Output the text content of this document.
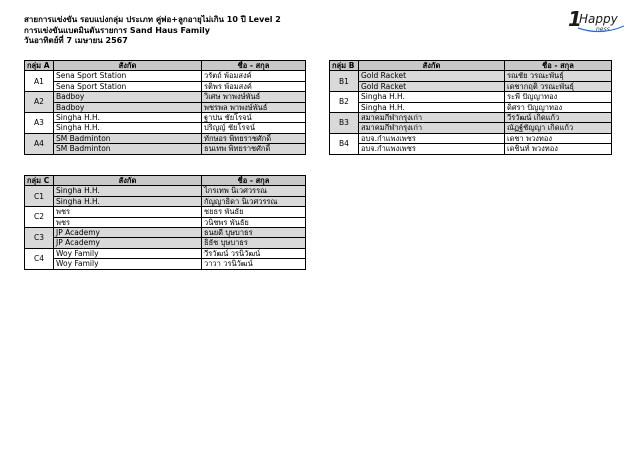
สายการแข่งขัน รอบแบ่งกลุ่ม ประเภท คู่พ่อ+ลูกอายุไม่เกิน 10 ปี Level 2
การแข่งขันแบดมินตันรายการ Sand Haus Family
วันอาทิตย์ที่ 7 เมษายน 2567
1
Happy
ness
กลุ่ม A	สังกัด	ชื่อ - สกุล
A1	Sena Sport Station	วรัตถ์ พ้อมสงค์
	Sena Sport Station	รติพร พ้อมสงค์
A2	Badboy	วิเศษ พาพงษ์พันธ์
	Badboy	พชรพล พาพงษ์พันธ์
A3	Singha H.H.	ฐาปน ชัยโรจน์
	Singha H.H.	ปริญญ์ ชัยโรจน์
A4	SM Badminton	ทักษอร พิทยราชศักดิ์
	SM Badminton	ธนเทพ พิทยราชศักดิ์
กลุ่ม B	สังกัด	ชื่อ - สกุล
B1	Gold Racket	รณชัย วรณะพันธุ์
	Gold Racket	เดชากฤติ วรณะพันธุ์
B2	Singha H.H.	ระพี ปัญญาทอง
	Singha H.H.	ดิศรา ปัญญาทอง
B3	สมาคมกีฬากรุงเก่า	วีรวัฒน์ เกิดแก้ว
	สมาคมกีฬากรุงเก่า	ณัฏฐ์ชัญญา เกิดแก้ว
B4	อบจ.กำแพงเพชร	เดชา พวงทอง
	อบจ.กำแพงเพชร	เดชินท์ พวงทอง
กลุ่ม C	สังกัด	ชื่อ - สกุล
C1	Singha H.H.	ไกรเทพ นิเวศวรรณ
	Singha H.H.	กัญญาธิดา นิเวศวรรณ
C2	พชร	ชยธร พันธัย
	พชร	วนิชพร พันธัย
C3	JP Academy	ธนยดี บุษบาธร
	JP Academy	ธิธัช บุษบาธร
C4	Woy Family	วีรวัฒน์ วรนิวัฒน์
	Woy Family	วาวา วรนิวัฒน์
